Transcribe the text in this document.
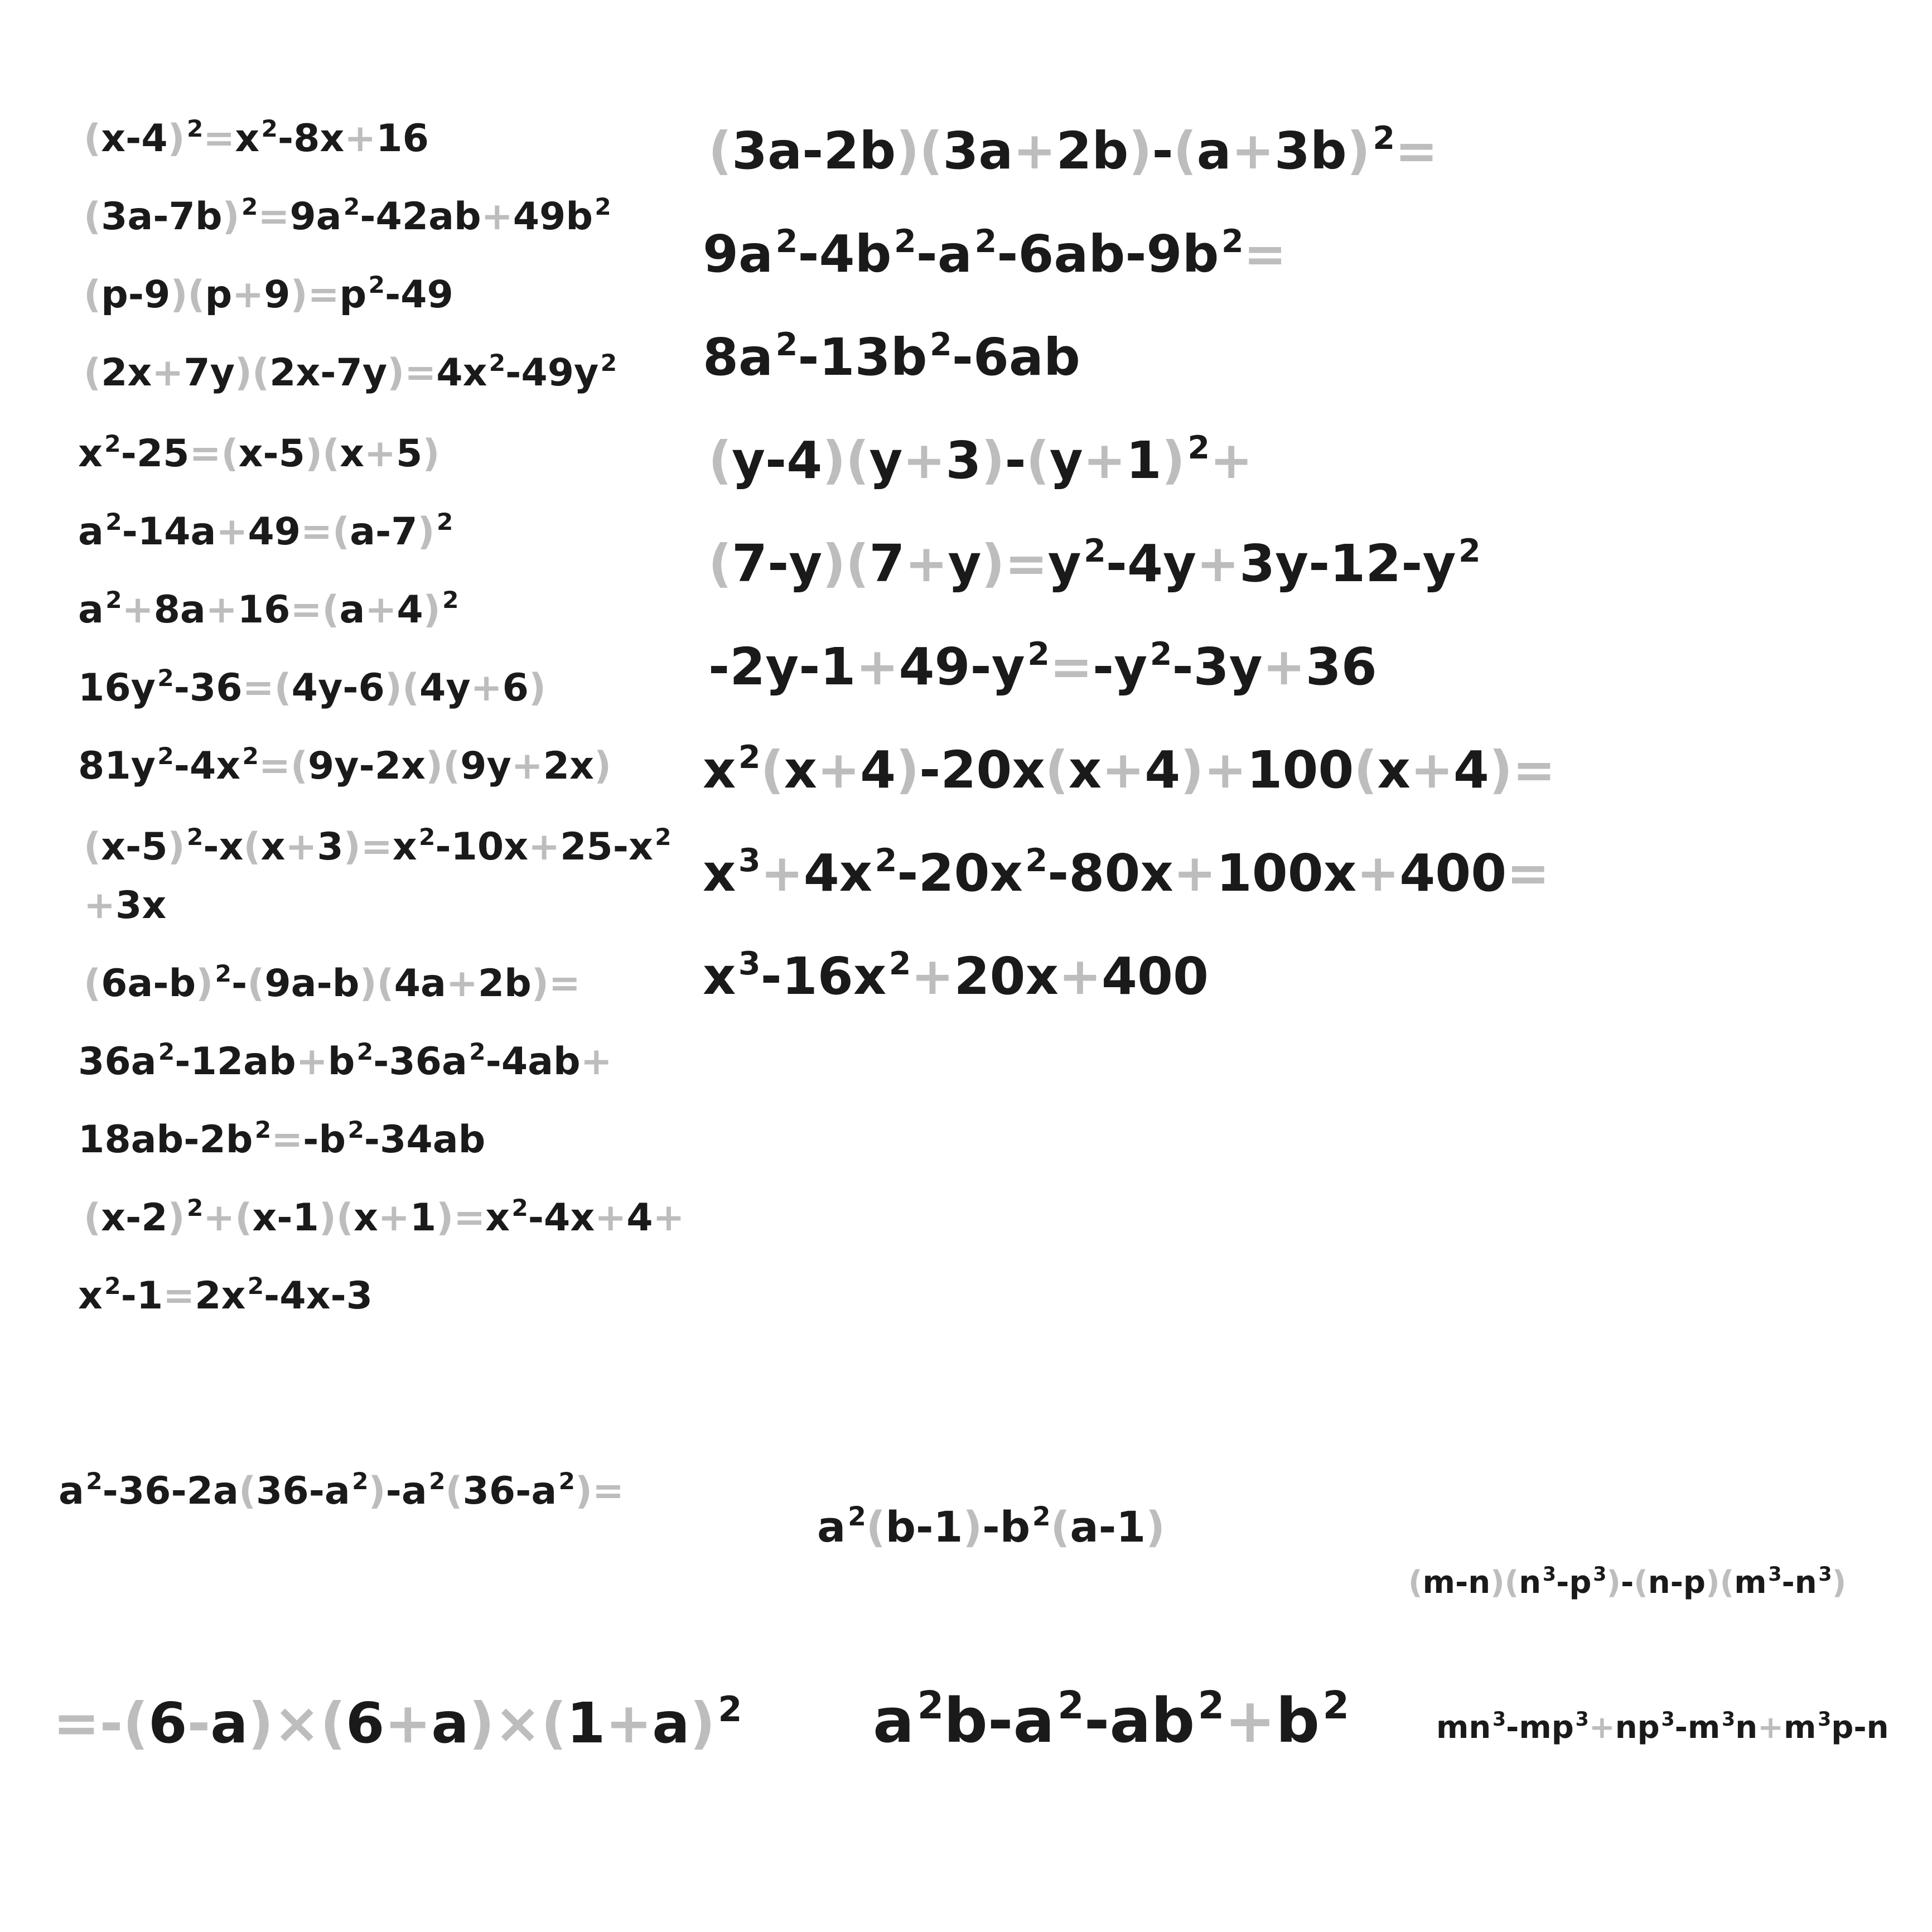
$(x-4)^2=x^2-8x+16$
$(3a-7b)^2=9a^2-42ab+49b^2$
$(p-9)(p+9)=p^2-49$
$(2x+7y)(2x-7y)=4x^2-49y^2$
$x^2-25=(x-5)(x+5)$
$a^2-14a+49=(a-7)^2$
$a^2+8a+16=(a+4)^2$
$16y^2-36=(4y-6)(4y+6)$
$81y^2-4x^2=(9y-2x)(9y+2x)$
$(x-5)^2-x(x+3)=x^2-10x+25-x^2$
+3x
$(6a-b)^2-(9a-b)(4a+2b)=$
$36a^2-12ab+b^2-36a^2-4ab+$
$18ab-2b^2=-b^2-34ab$
$(x-2)^2+(x-1)(x+1)=x^2-4x+4+$
$x^2-1=2x^2-4x-3$
$(3a-2b)(3a+2b)-(a+3b)^2=$
$9a^2-4b^2-a^2-6ab-9b^2=$
$8a^2-13b^2-6ab$
$(y-4)(y+3)-(y+1)^2+$
$(7-y)(7+y)=y^2-4y+3y-12-y^2$
$-2y-1+49-y^2=-y^2-3y+36$
$x^2(x+4)-20x(x+4)+100(x+4)=$
$x^3+4x^2-20x^2-80x+100x+400=$
$x^3-16x^2+20x+400$
$a^2-36-2a(36-a^2)-a^2(36-a^2)=$
$a^2(b-1)-b^2(a-1)$
$(m-n)(n^3-p^3)-(n-p)(m^3-n^3)$
$=-(6-a)\times(6+a)\times(1+a)^2$ $a^2b-a^2-ab^2+b^2$	$mn^3-mp^3+np^3-m^3n+m^3p-n$
